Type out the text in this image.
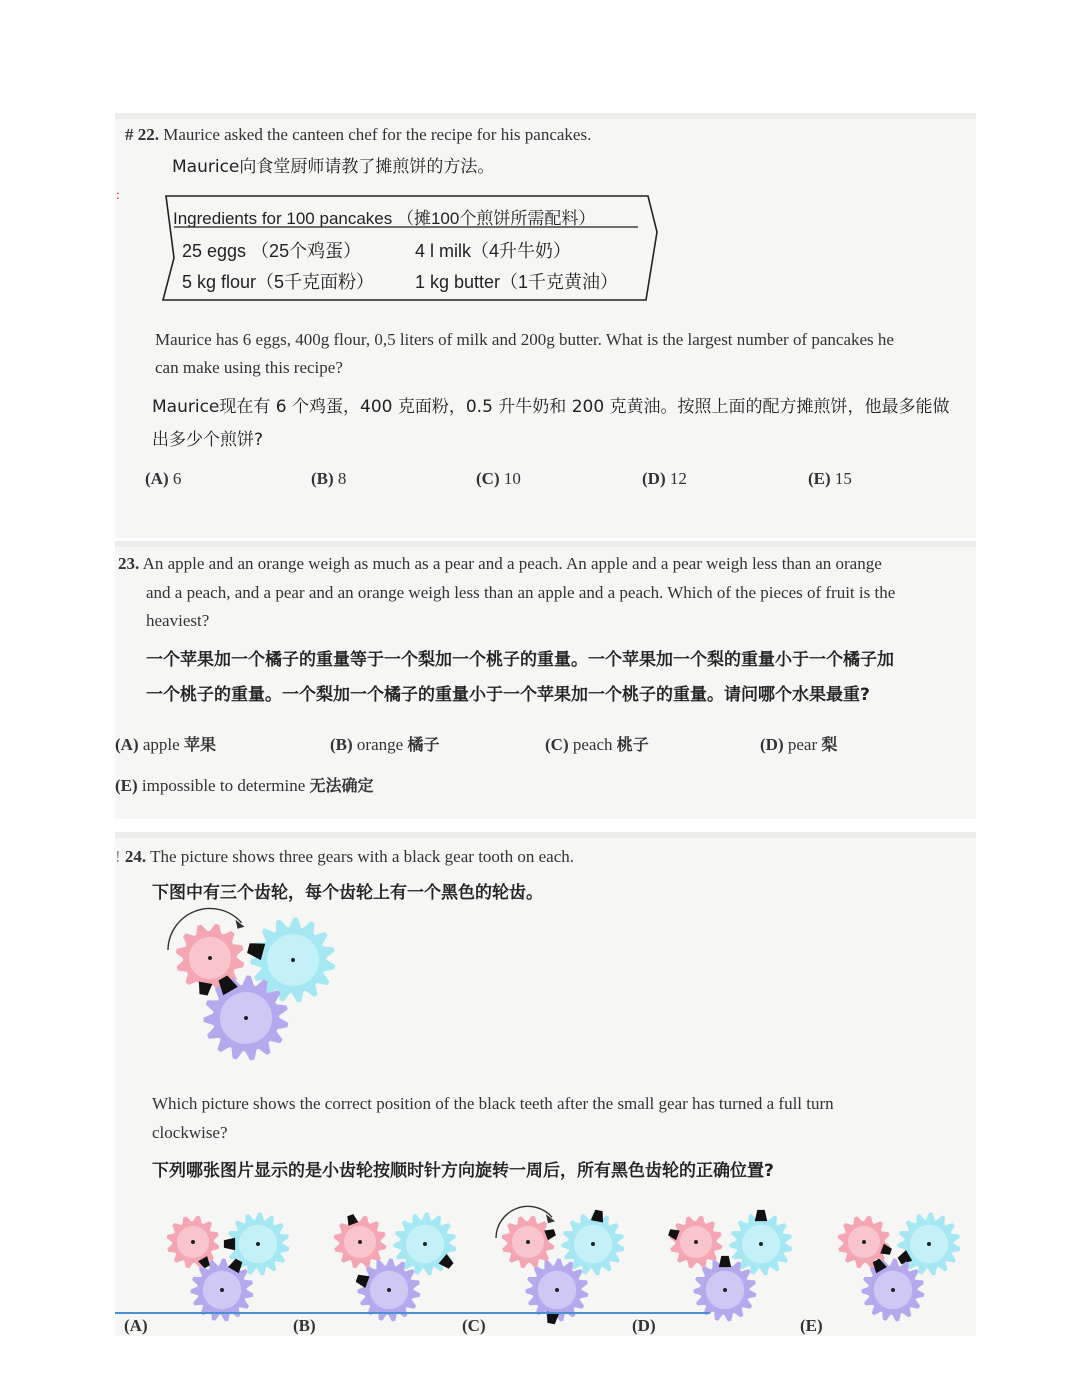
# 22. Maurice asked the canteen chef for the recipe for his pancakes.
Maurice向食堂厨师请教了摊煎饼的方法。
:
Ingredients for 100 pancakes （摊100个煎饼所需配料）
25 eggs （25个鸡蛋）	4 l milk（4升牛奶）
5 kg flour（5千克面粉） 1 kg butter（1千克黄油）
Maurice has 6 eggs, 400g flour, 0,5 liters of milk and 200g butter. What is the largest number of pancakes he
can make using this recipe?
Maurice现在有 6 个鸡蛋，400 克面粉，0.5 升牛奶和 200 克黄油。按照上面的配方摊煎饼，他最多能做
出多少个煎饼?
(A) 6	(B) 8	(C) 10	(D) 12	(E) 15
23. An apple and an orange weigh as much as a pear and a peach. An apple and a pear weigh less than an orange
and a peach, and a pear and an orange weigh less than an apple and a peach. Which of the pieces of fruit is the
heaviest?
一个苹果加一个橘子的重量等于一个梨加一个桃子的重量。一个苹果加一个梨的重量小于一个橘子加
一个桃子的重量。一个梨加一个橘子的重量小于一个苹果加一个桃子的重量。请问哪个水果最重?
(A) apple 苹果	(B) orange 橘子	(C) peach 桃子	(D) pear 梨
(E) impossible to determine 无法确定
! 24. The picture shows three gears with a black gear tooth on each.
下图中有三个齿轮，每个齿轮上有一个黑色的轮齿。
Which picture shows the correct position of the black teeth after the small gear has turned a full turn
clockwise?
下列哪张图片显示的是小齿轮按顺时针方向旋转一周后，所有黑色齿轮的正确位置?
(A)	(B)	(C)	(D)	(E)
